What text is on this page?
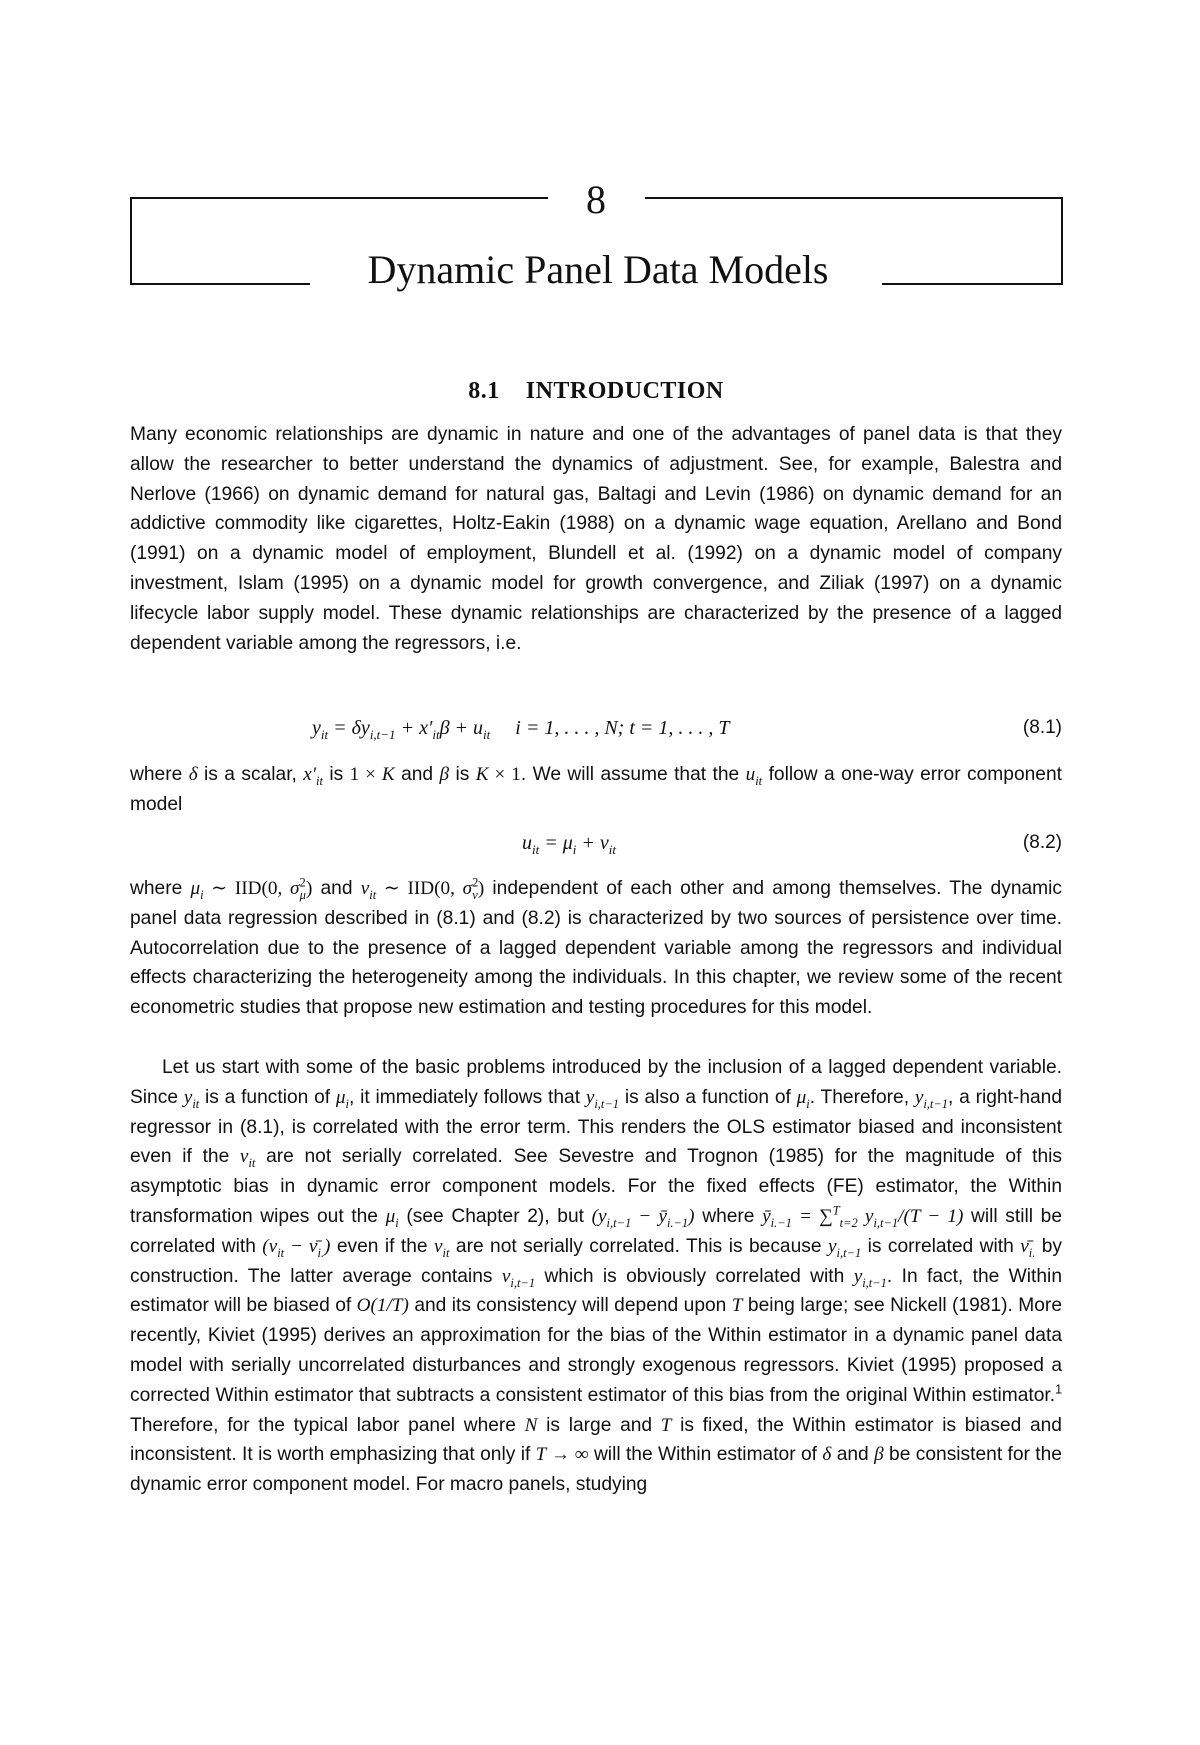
8
Dynamic Panel Data Models
8.1 INTRODUCTION

Many economic relationships are dynamic in nature and one of the advantages of panel data is that they allow the researcher to better understand the dynamics of adjustment. See, for example, Balestra and Nerlove (1966) on dynamic demand for natural gas, Baltagi and Levin (1986) on dynamic demand for an addictive commodity like cigarettes, Holtz-Eakin (1988) on a dynamic wage equation, Arellano and Bond (1991) on a dynamic model of employment, Blundell et al. (1992) on a dynamic model of company investment, Islam (1995) on a dynamic model for growth convergence, and Ziliak (1997) on a dynamic lifecycle labor supply model. These dynamic relationships are characterized by the presence of a lagged dependent variable among the regressors, i.e.

$y_{it} = \delta y_{i,t-1} + x'_{it}\beta + u_{it}$     i = 1, . . . , N; t = 1, . . . , T	(8.1)

where δ is a scalar, $x'_{it}$ is 1 × K and β is K × 1. We will assume that the $u_{it}$ follow a one-way error component model

$u_{it} = \mu_i + \nu_{it}$	(8.2)

where $\mu_i$ ∼ IID(0, $\sigma^2_\mu$) and $\nu_{it}$ ∼ IID(0, $\sigma^2_\nu$) independent of each other and among themselves. The dynamic panel data regression described in (8.1) and (8.2) is characterized by two sources of persistence over time. Autocorrelation due to the presence of a lagged dependent variable among the regressors and individual effects characterizing the heterogeneity among the individuals. In this chapter, we review some of the recent econometric studies that propose new estimation and testing procedures for this model.

Let us start with some of the basic problems introduced by the inclusion of a lagged dependent variable. Since $y_{it}$ is a function of $\mu_i$, it immediately follows that $y_{i,t-1}$ is also a function of $\mu_i$. Therefore, $y_{i,t-1}$, a right-hand regressor in (8.1), is correlated with the error term. This renders the OLS estimator biased and inconsistent even if the $\nu_{it}$ are not serially correlated. See Sevestre and Trognon (1985) for the magnitude of this asymptotic bias in dynamic error component models. For the fixed effects (FE) estimator, the Within transformation wipes out the $\mu_i$ (see Chapter 2), but ($y_{i,t-1}$ − $ȳ_{i.-1}$) where $ȳ_{i.-1} = \sum^T_{t=2}$ $y_{i,t-1}/(T - 1)$ will still be correlated with ($\nu_{it}$ − $\nū_{i.}$) even if the $\nu_{it}$ are not serially correlated. This is because $y_{i,t-1}$ is correlated with $\nū_{i.}$ by construction. The latter average contains $\nu_{i,t-1}$ which is obviously correlated with $y_{i,t-1}$. In fact, the Within estimator will be biased of O(1/T) and its consistency will depend upon T being large; see Nickell (1981). More recently, Kiviet (1995) derives an approximation for the bias of the Within estimator in a dynamic panel data model with serially uncorrelated disturbances and strongly exogenous regressors. Kiviet (1995) proposed a corrected Within estimator that subtracts a consistent estimator of this bias from the original Within estimator.$^1$ Therefore, for the typical labor panel where N is large and T is fixed, the Within estimator is biased and inconsistent. It is worth emphasizing that only if T → ∞ will the Within estimator of δ and β be consistent for the dynamic error component model. For macro panels, studying
